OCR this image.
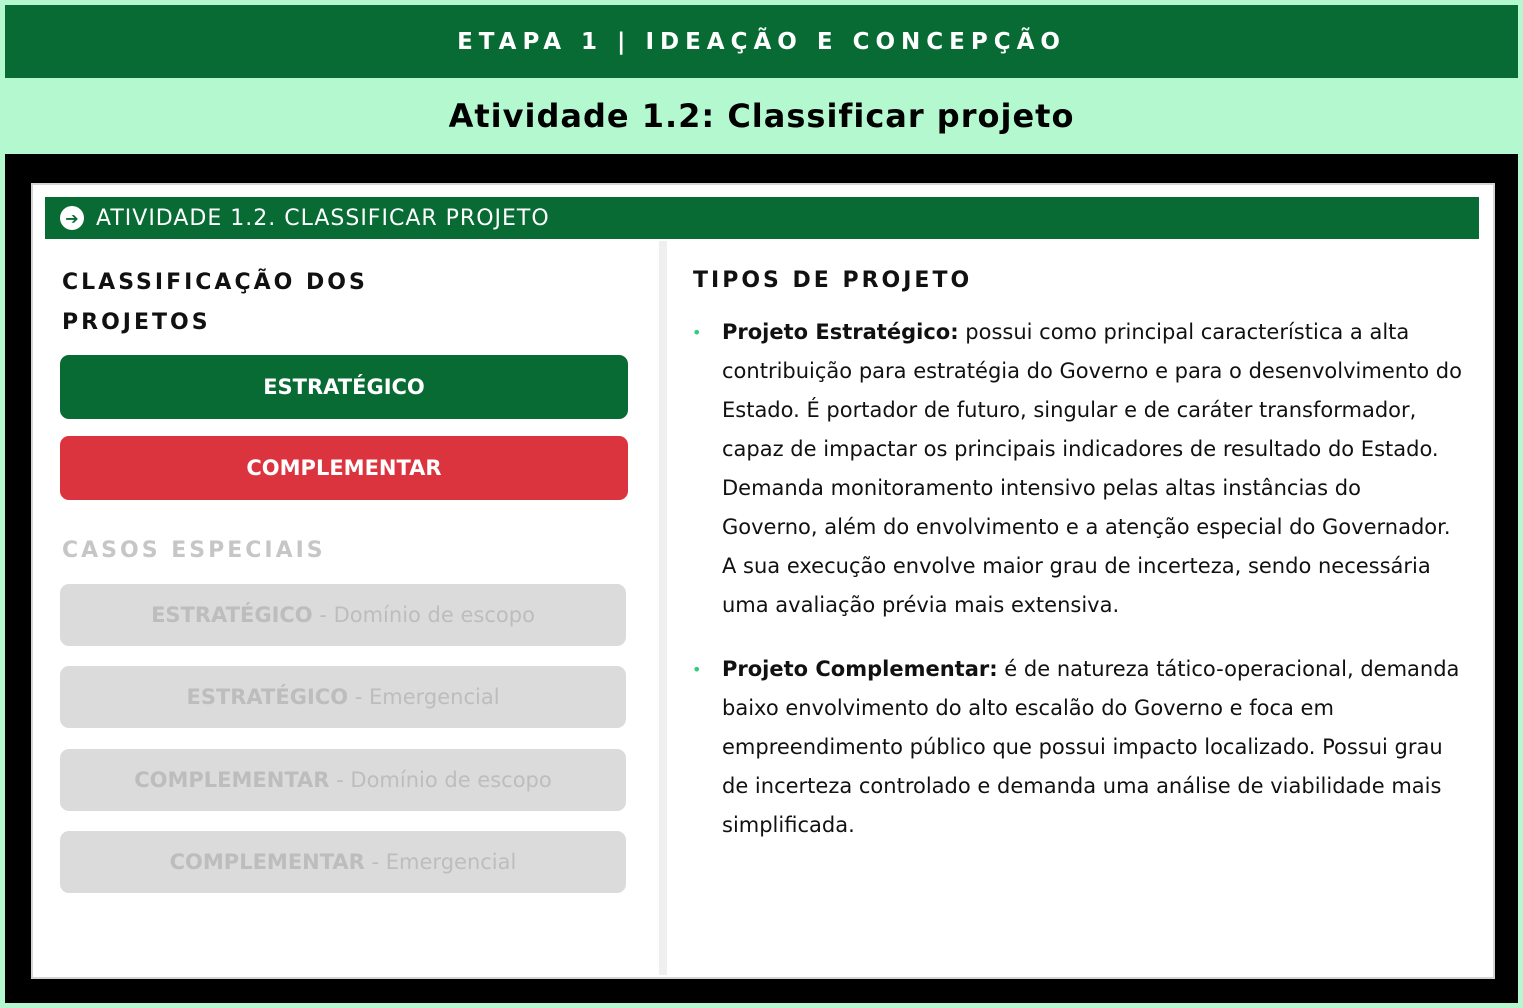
ETAPA 1 | IDEAÇÃO E CONCEPÇÃO
Atividade 1.2: Classificar projeto
➔ ATIVIDADE 1.2. CLASSIFICAR PROJETO
CLASSIFICAÇÃO DOS
PROJETOS
ESTRATÉGICO
COMPLEMENTAR
CASOS ESPECIAIS
ESTRATÉGICO - Domínio de escopo
ESTRATÉGICO - Emergencial
COMPLEMENTAR - Domínio de escopo
COMPLEMENTAR - Emergencial
TIPOS DE PROJETO
• Projeto Estratégico: possui como principal característica a alta contribuição para estratégia do Governo e para o desenvolvimento do Estado. É portador de futuro, singular e de caráter transformador, capaz de impactar os principais indicadores de resultado do Estado. Demanda monitoramento intensivo pelas altas instâncias do Governo, além do envolvimento e a atenção especial do Governador. A sua execução envolve maior grau de incerteza, sendo necessária uma avaliação prévia mais extensiva.
• Projeto Complementar: é de natureza tático-operacional, demanda baixo envolvimento do alto escalão do Governo e foca em empreendimento público que possui impacto localizado. Possui grau de incerteza controlado e demanda uma análise de viabilidade mais simplificada.
